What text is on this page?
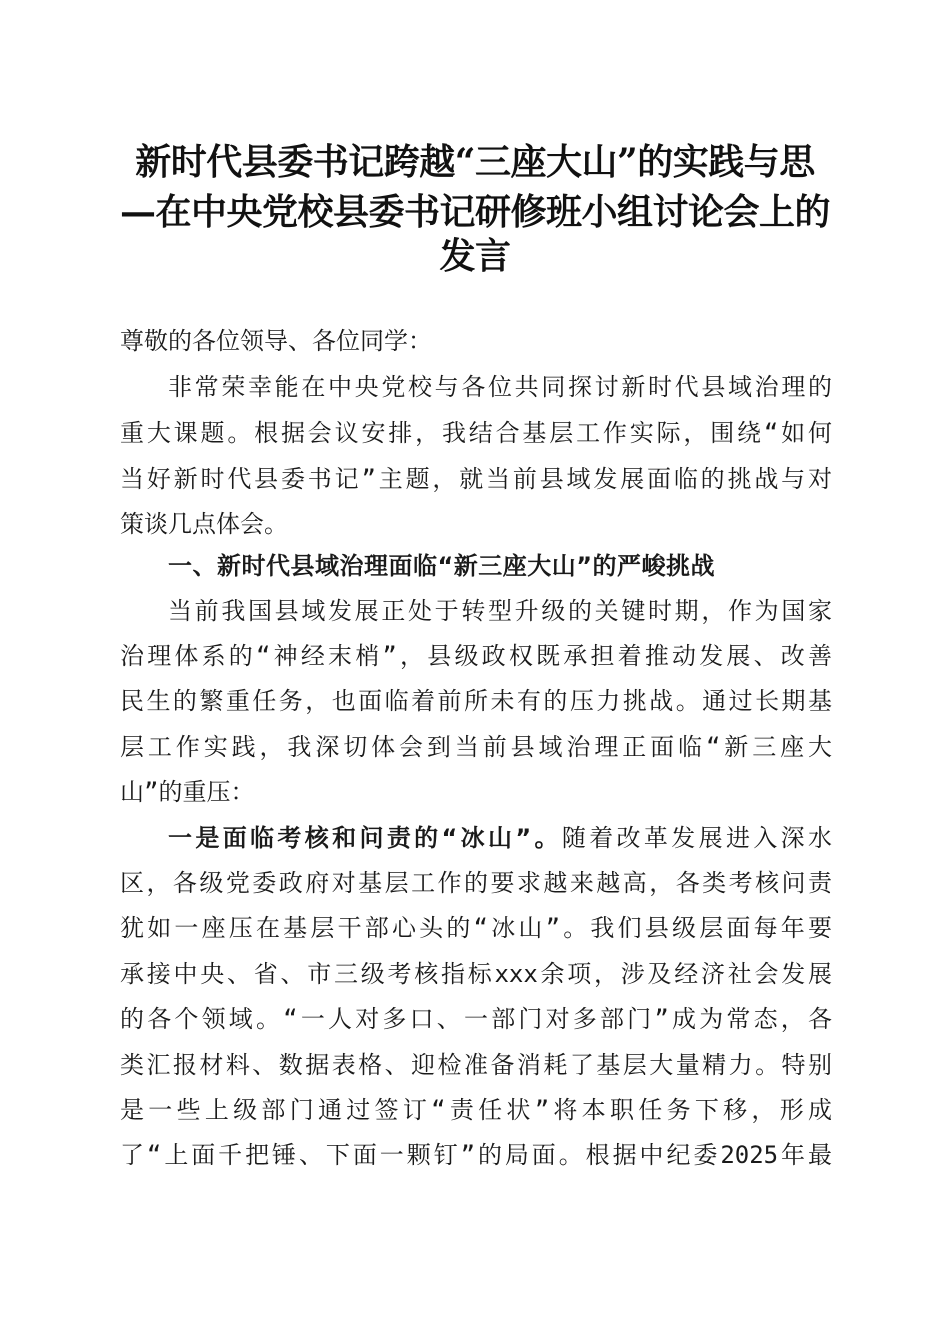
新时代县委书记跨越“三座大山”的实践与思
—在中央党校县委书记研修班小组讨论会上的
发言
尊敬的各位领导、各位同学：
非常荣幸能在中央党校与各位共同探讨新时代县域治理的
重大课题。根据会议安排，我结合基层工作实际，围绕“如何
当好新时代县委书记”主题，就当前县域发展面临的挑战与对
策谈几点体会。
一、新时代县域治理面临“新三座大山”的严峻挑战
当前我国县域发展正处于转型升级的关键时期，作为国家
治理体系的“神经末梢”，县级政权既承担着推动发展、改善
民生的繁重任务，也面临着前所未有的压力挑战。通过长期基
层工作实践，我深切体会到当前县域治理正面临“新三座大
山”的重压：
一是面临考核和问责的“冰山”。随着改革发展进入深水
区，各级党委政府对基层工作的要求越来越高，各类考核问责
犹如一座压在基层干部心头的“冰山”。我们县级层面每年要
承接中央、省、市三级考核指标xxx余项，涉及经济社会发展
的各个领域。“一人对多口、一部门对多部门”成为常态，各
类汇报材料、数据表格、迎检准备消耗了基层大量精力。特别
是一些上级部门通过签订“责任状”将本职任务下移，形成
了“上面千把锤、下面一颗钉”的局面。根据中纪委2025年最
